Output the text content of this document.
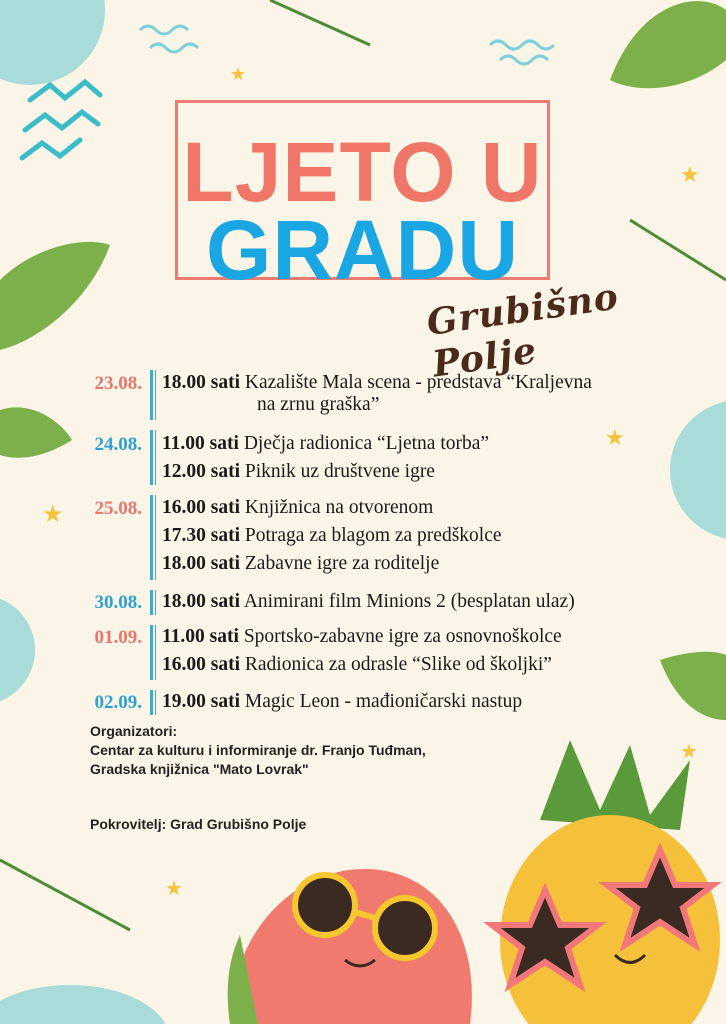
★
★
★
★
★
★
LJETO U
GRADU
Grubišno Polje
23.08. 18.00 sati Kazalište Mala scena - predstava “Kraljevna
na zrnu graška”
24.08. 11.00 sati Dječja radionica “Ljetna torba”
12.00 sati Piknik uz društvene igre
25.08. 16.00 sati Knjižnica na otvorenom
17.30 sati Potraga za blagom za predškolce
18.00 sati Zabavne igre za roditelje
30.08. 18.00 sati Animirani film Minions 2 (besplatan ulaz)
01.09. 11.00 sati Sportsko-zabavne igre za osnovnoškolce
16.00 sati Radionica za odrasle “Slike od školjki”
02.09. 19.00 sati Magic Leon - mađioničarski nastup
Organizatori:
Centar za kulturu i informiranje dr. Franjo Tuđman,
Gradska knjižnica "Mato Lovrak"
Pokrovitelj: Grad Grubišno Polje
